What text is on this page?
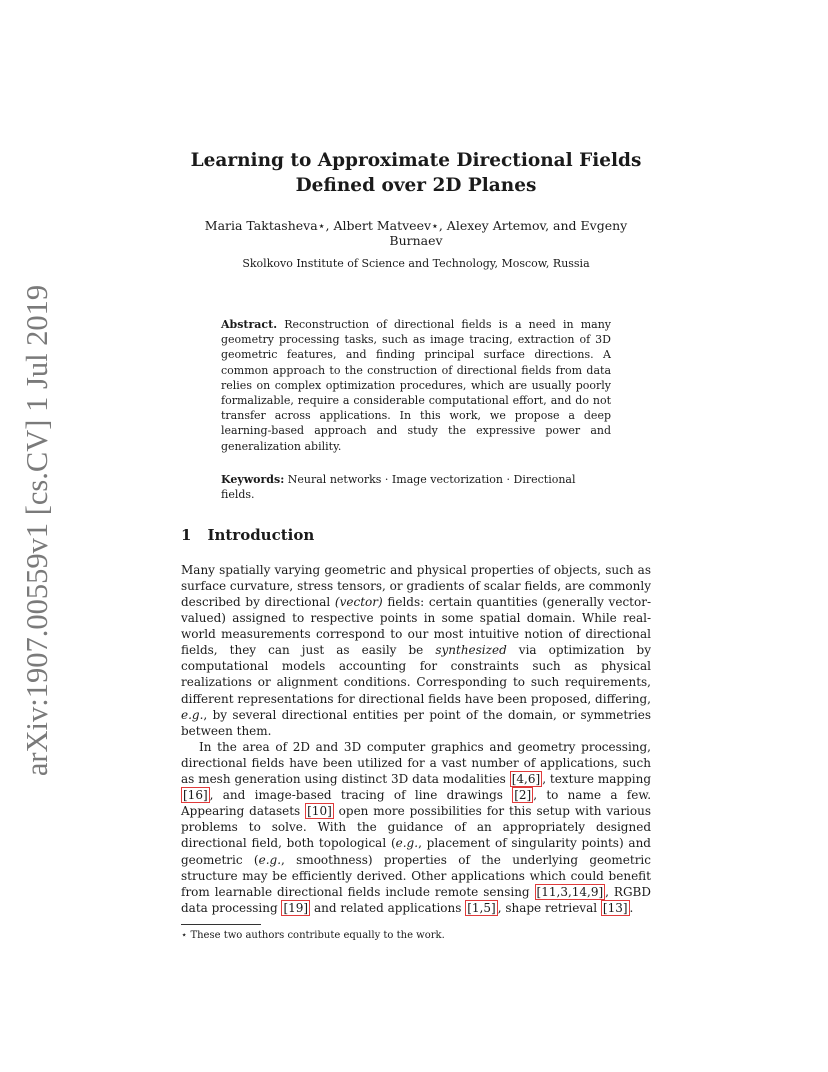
arXiv:1907.00559v1 [cs.CV] 1 Jul 2019
Learning to Approximate Directional Fields
Defined over 2D Planes
Maria Taktasheva⋆, Albert Matveev⋆, Alexey Artemov, and Evgeny Burnaev
Skolkovo Institute of Science and Technology, Moscow, Russia
Abstract. Reconstruction of directional fields is a need in many geometry processing tasks, such as image tracing, extraction of 3D geometric features, and finding principal surface directions. A common approach to the construction of directional fields from data relies on complex optimization procedures, which are usually poorly formalizable, require a considerable computational effort, and do not transfer across applications. In this work, we propose a deep learning-based approach and study the expressive power and generalization ability.
Keywords: Neural networks · Image vectorization · Directional fields.
1 Introduction

Many spatially varying geometric and physical properties of objects, such as surface curvature, stress tensors, or gradients of scalar fields, are commonly described by directional (vector) fields: certain quantities (generally vector-valued) assigned to respective points in some spatial domain. While real-world measurements correspond to our most intuitive notion of directional fields, they can just as easily be synthesized via optimization by computational models accounting for constraints such as physical realizations or alignment conditions. Corresponding to such requirements, different representations for directional fields have been proposed, differing, e.g., by several directional entities per point of the domain, or symmetries between them.

In the area of 2D and 3D computer graphics and geometry processing, directional fields have been utilized for a vast number of applications, such as mesh generation using distinct 3D data modalities [4,6] , texture mapping [16] , and image-based tracing of line drawings [2] , to name a few. Appearing datasets [10] open more possibilities for this setup with various problems to solve. With the guidance of an appropriately designed directional field, both topological (e.g., placement of singularity points) and geometric (e.g., smoothness) properties of the underlying geometric structure may be efficiently derived. Other applications which could benefit from learnable directional fields include remote sensing [11,3,14,9] , RGBD data processing [19] and related applications [1,5] , shape retrieval [13] .

⋆ These two authors contribute equally to the work.
